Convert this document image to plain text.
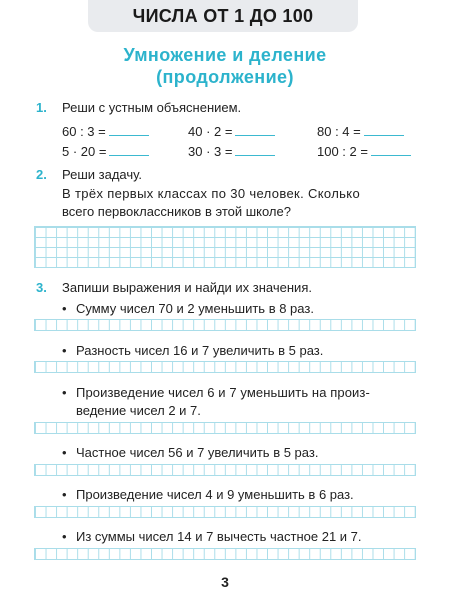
ЧИСЛА ОТ 1 ДО 100
Умножение и деление
(продолжение)
1. Реши с устным объяснением.
60 : 3 =	40 · 2 =	80 : 4 =
5 · 20 =	30 · 3 =	100 : 2 =
2. Реши задачу.
В трёх первых классах по 30 человек. Сколько
всего первоклассников в этой школе?
3. Запиши выражения и найди их значения.
• Сумму чисел 70 и 2 уменьшить в 8 раз.
• Разность чисел 16 и 7 увеличить в 5 раз.
• Произведение чисел 6 и 7 уменьшить на произ-
ведение чисел 2 и 7.
• Частное чисел 56 и 7 увеличить в 5 раз.
• Произведение чисел 4 и 9 уменьшить в 6 раз.
• Из суммы чисел 14 и 7 вычесть частное 21 и 7.
3
